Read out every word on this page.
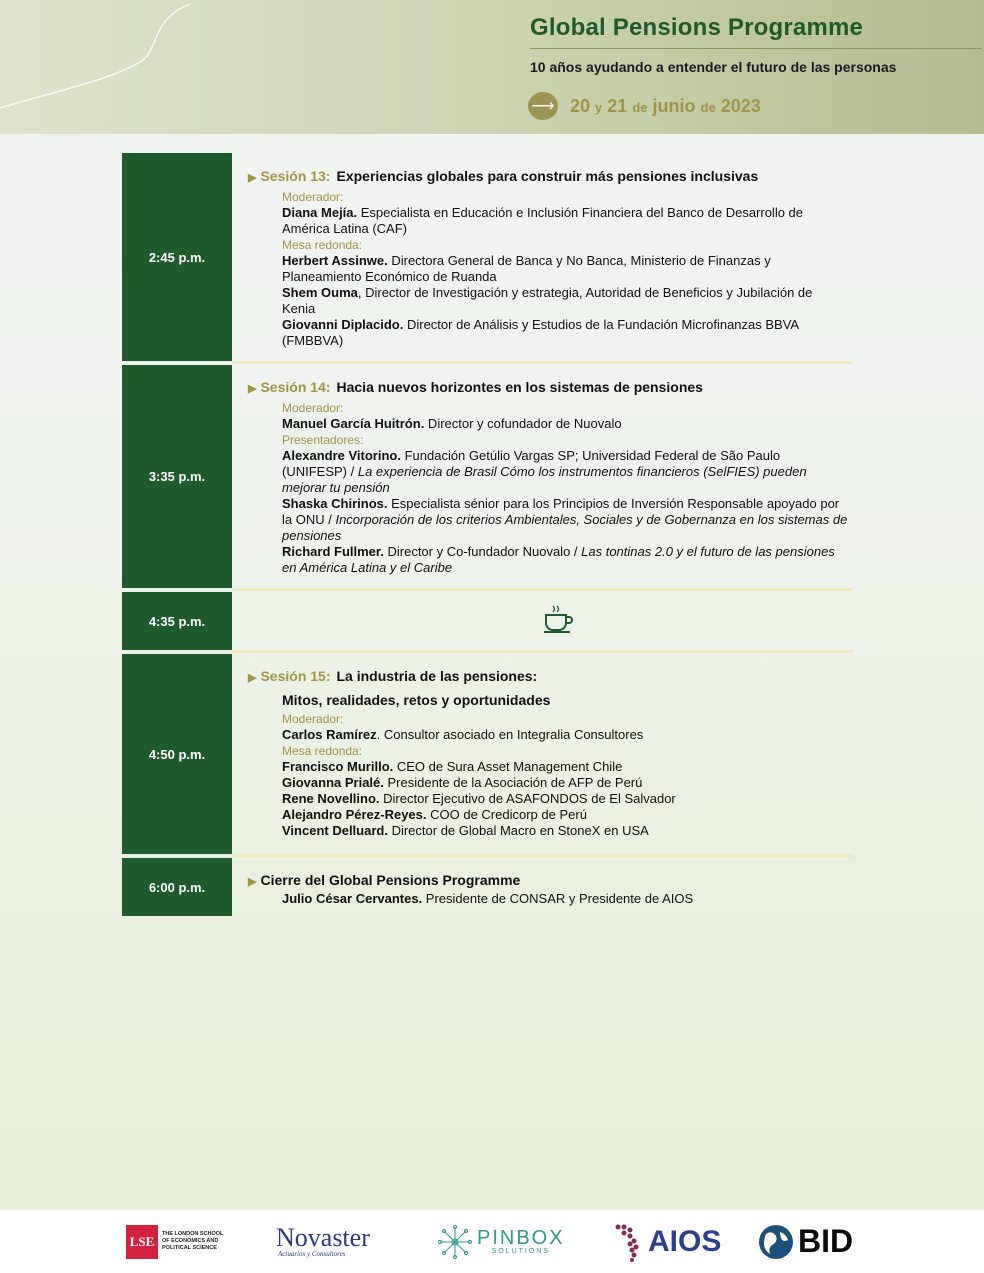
Global Pensions Programme
10 años ayudando a entender el futuro de las personas
⟶ 20 y 21 de junio de 2023
2:45 p.m.
▶ Sesión 13: Experiencias globales para construir más pensiones inclusivas
Moderador:
Diana Mejía. Especialista en Educación e Inclusión Financiera del Banco de Desarrollo de América Latina (CAF)
Mesa redonda:
Herbert Assinwe. Directora General de Banca y No Banca, Ministerio de Finanzas y Planeamiento Económico de Ruanda
Shem Ouma, Director de Investigación y estrategia, Autoridad de Beneficios y Jubilación de Kenia
Giovanni Diplacido. Director de Análisis y Estudios de la Fundación Microfinanzas BBVA (FMBBVA)
3:35 p.m.
▶ Sesión 14: Hacia nuevos horizontes en los sistemas de pensiones
Moderador:
Manuel García Huitrón. Director y cofundador de Nuovalo
Presentadores:
Alexandre Vitorino. Fundación Getúlio Vargas SP; Universidad Federal de São Paulo (UNIFESP) / La experiencia de Brasil Cómo los instrumentos financieros (SelFIES) pueden mejorar tu pensión
Shaska Chirinos. Especialista sénior para los Principios de Inversión Responsable apoyado por la ONU / Incorporación de los criterios Ambientales, Sociales y de Gobernanza en los sistemas de pensiones
Richard Fullmer. Director y Co-fundador Nuovalo / Las tontinas 2.0 y el futuro de las pensiones en América Latina y el Caribe
4:35 p.m.
4:50 p.m.
▶ Sesión 15: La industria de las pensiones:
Mitos, realidades, retos y oportunidades
Moderador:
Carlos Ramírez. Consultor asociado en Integralia Consultores
Mesa redonda:
Francisco Murillo. CEO de Sura Asset Management Chile
Giovanna Prialé. Presidente de la Asociación de AFP de Perú
Rene Novellino. Director Ejecutivo de ASAFONDOS de El Salvador
Alejandro Pérez-Reyes. COO de Credicorp de Perú
Vincent Delluard. Director de Global Macro en StoneX en USA
6:00 p.m.	▶ Cierre del Global Pensions Programme
Julio César Cervantes. Presidente de CONSAR y Presidente de AIOS
LSE	THE LONDON SCHOOL OF ECONOMICS AND POLITICAL SCIENCE Novaster
Actuarios y Consultores
PINBOX
SOLUTIONS	AIOS BID
